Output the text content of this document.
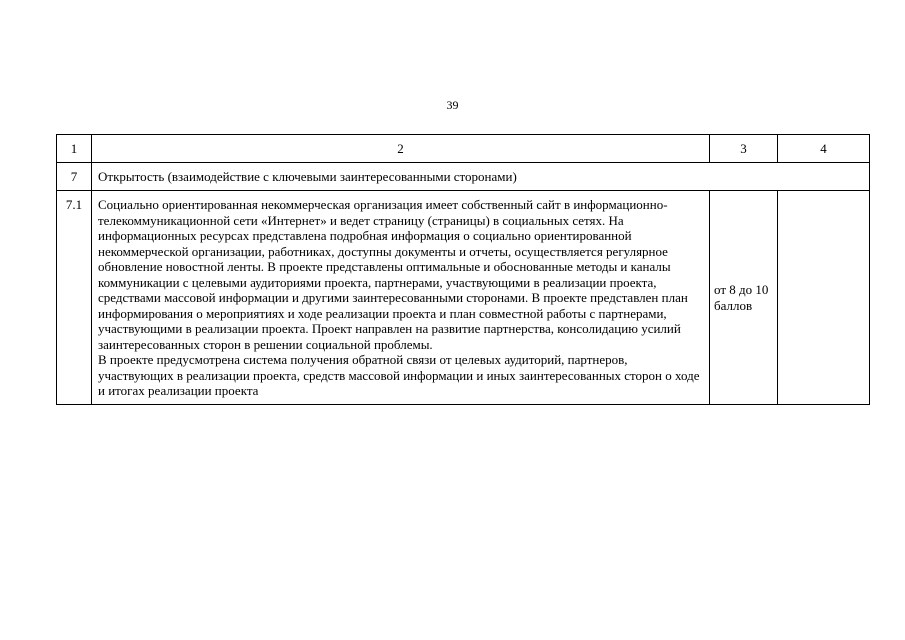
39
1	2	3	4
7	Открытость (взаимодействие с ключевыми заинтересованными сторонами)		
7.1	Социально ориентированная некоммерческая организация имеет собственный сайт в информационно-телекоммуникационной сети «Интернет» и ведет страницу (страницы) в социальных сетях. На информационных ресурсах представлена подробная информация о социально ориентированной некоммерческой организации, работниках, доступны документы и отчеты, осуществляется регулярное обновление новостной ленты. В проекте представлены оптимальные и обоснованные методы и каналы коммуникации с целевыми аудиториями проекта, партнерами, участвующими в реализации проекта, средствами массовой информации и другими заинтересованными сторонами. В проекте представлен план информирования о мероприятиях и ходе реализации проекта и план совместной работы с партнерами, участвующими в реализации проекта. Проект направлен на развитие партнерства, консолидацию усилий заинтересованных сторон в решении социальной проблемы.
В проекте предусмотрена система получения обратной связи от целевых аудиторий, партнеров, участвующих в реализации проекта, средств массовой информации и иных заинтересованных сторон о ходе и итогах реализации проекта	от 8 до 10 баллов	
